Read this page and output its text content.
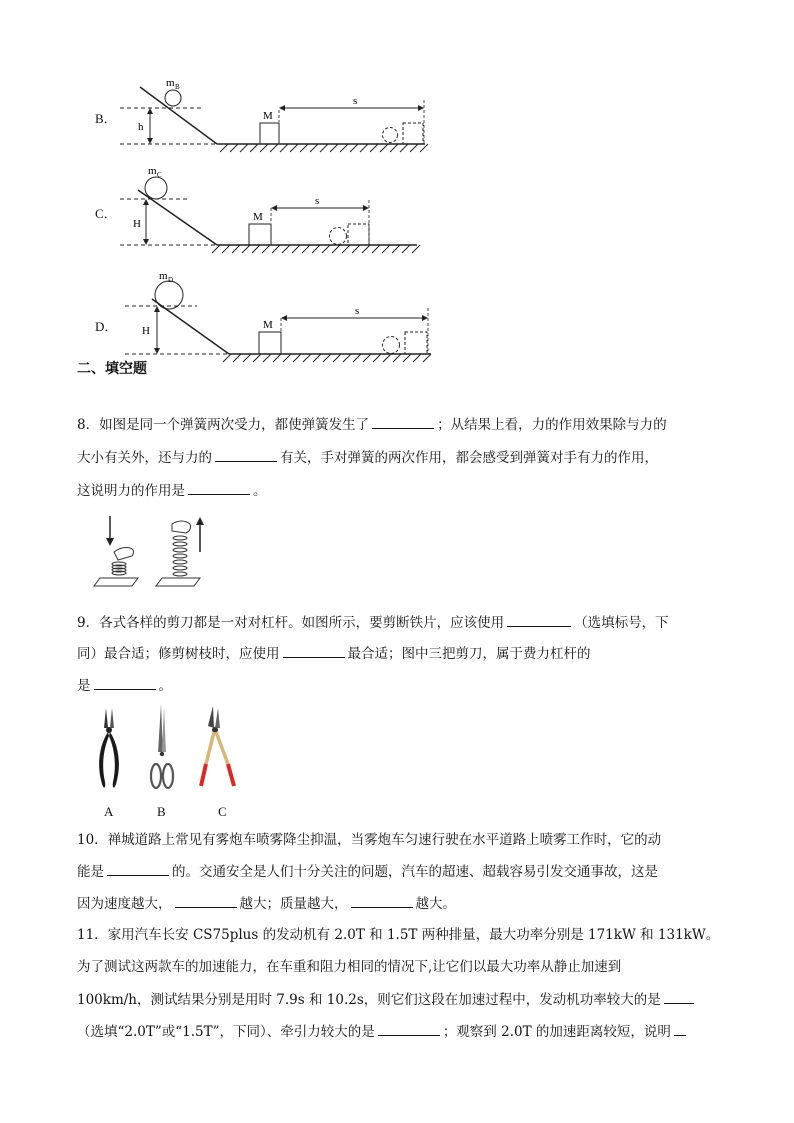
B．
h
m B
M
s
C．
H
m C
M
s
D． H
m D
M
s
二、填空题
8．如图是同一个弹簧两次受力，都使弹簧发生了	；从结果上看，力的作用效果除与力的
大小有关外，还与力的	有关，手对弹簧的两次作用，都会感受到弹簧对手有力的作用，
这说明力的作用是	。
9．各式各样的剪刀都是一对对杠杆。如图所示，要剪断铁片，应该使用	（选填标号，下
同）最合适；修剪树枝时，应使用	最合适；图中三把剪刀，属于费力杠杆的
是	。
A	B	C
10．禅城道路上常见有雾炮车喷雾降尘抑温，当雾炮车匀速行驶在水平道路上喷雾工作时，它的动
能是	的。交通安全是人们十分关注的问题，汽车的超速、超载容易引发交通事故，这是
因为速度越大，	越大；质量越大，	越大。
11．家用汽车长安 CS75plus 的发动机有 2.0T 和 1.5T 两种排量，最大功率分别是 171kW 和 131kW。
为了测试这两款车的加速能力，在车重和阻力相同的情况下,让它们以最大功率从静止加速到
100km/h，测试结果分别是用时 7.9s 和 10.2s，则它们这段在加速过程中，发动机功率较大的是
（选填“2.0T”或“1.5T”，下同）、牵引力较大的是	；观察到 2.0T 的加速距离较短，说明
